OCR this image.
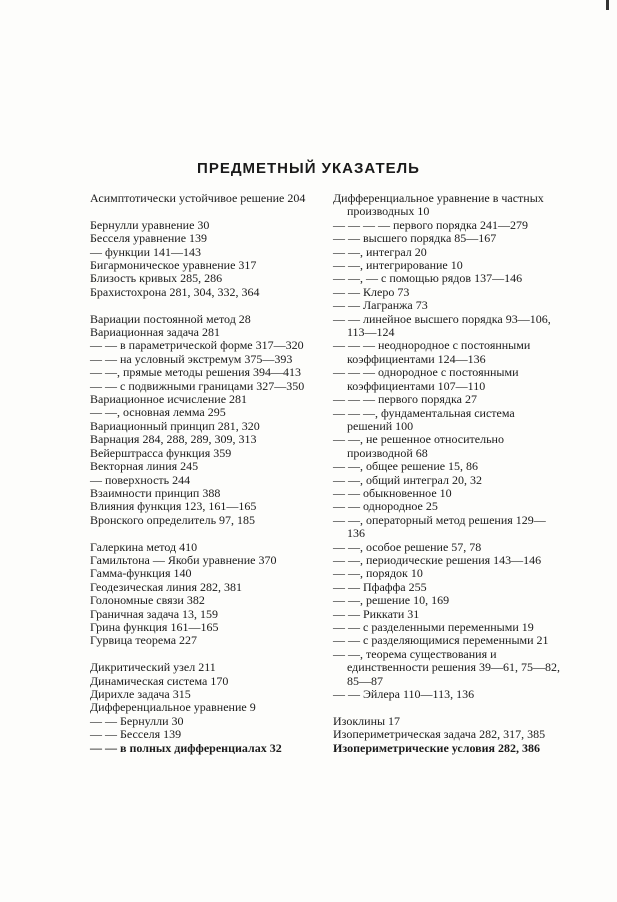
ПРЕДМЕТНЫЙ УКАЗАТЕЛЬ
Асимптотически устойчивое решение 204
Бернулли уравнение 30
Бесселя уравнение 139
— функции 141—143
Бигармоническое уравнение 317
Близость кривых 285, 286
Брахистохрона 281, 304, 332, 364
Вариации постоянной метод 28
Вариационная задача 281
— — в параметрической форме 317—320
— — на условный экстремум 375—393
— —, прямые методы решения 394—413
— — с подвижными границами 327—350
Вариационное исчисление 281
— —, основная лемма 295
Вариационный принцип 281, 320
Варнация 284, 288, 289, 309, 313
Вейерштрасса функция 359
Векторная линия 245
— поверхность 244
Взаимности принцип 388
Влияния функция 123, 161—165
Вронского определитель 97, 185
Галеркина метод 410
Гамильтона — Якоби уравнение 370
Гамма-функция 140
Геодезическая линия 282, 381
Голономные связи 382
Граничная задача 13, 159
Грина функция 161—165
Гурвица теорема 227
Дикритический узел 211
Динамическая система 170
Дирихле задача 315
Дифференциальное уравнение 9
— — Бернулли 30
— — Бесселя 139
— — в полных дифференциалах 32
Дифференциальное уравнение в частных производных 10
— — — — первого порядка 241—279
— — высшего порядка 85—167
— —, интеграл 20
— —, интегрирование 10
— —, — с помощью рядов 137—146
— — Клеро 73
— — Лагранжа 73
— — линейное высшего порядка 93—106, 113—124
— — — неоднородное с постоянными коэффициентами 124—136
— — — однородное с постоянными коэффициентами 107—110
— — — первого порядка 27
— — —, фундаментальная система решений 100
— —, не решенное относительно производной 68
— —, общее решение 15, 86
— —, общий интеграл 20, 32
— — обыкновенное 10
— — однородное 25
— —, операторный метод решения 129—136
— —, особое решение 57, 78
— —, периодические решения 143—146
— —, порядок 10
— — Пфаффа 255
— —, решение 10, 169
— — Риккати 31
— — с разделенными переменными 19
— — с разделяющимися переменными 21
— —, теорема существования и единственности решения 39—61, 75—82, 85—87
— — Эйлера 110—113, 136
Изоклины 17
Изопериметрическая задача 282, 317, 385
Изопериметрические условия 282, 386
